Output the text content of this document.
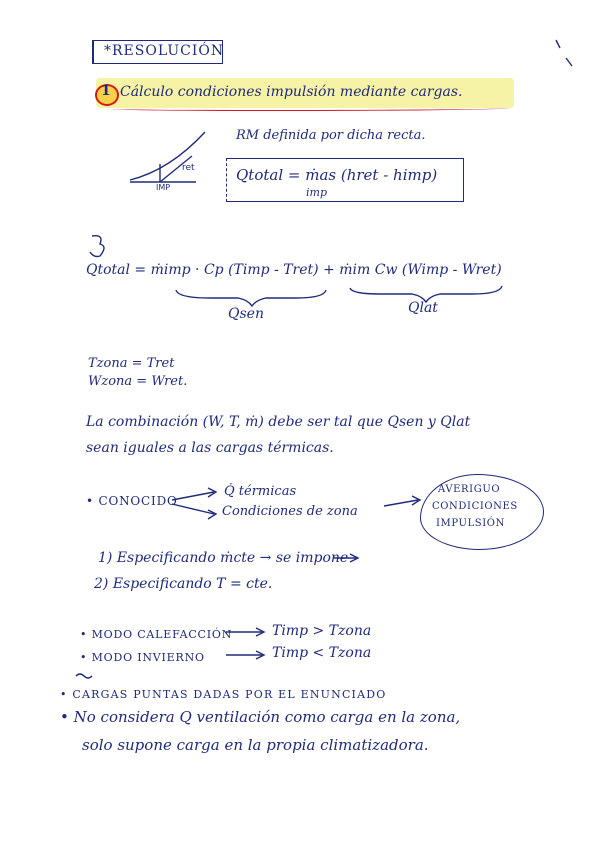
*RESOLUCIÓN
1 Cálculo condiciones impulsión mediante cargas.
ret
IMP
RM definida por dicha recta.
Qtotal = ṁas (hret - himp)
imp
Qtotal = ṁimp · Cp (Timp - Tret) + ṁim Cw (Wimp - Wret)
Qsen	Qlat
Tzona = Tret
Wzona = Wret.
La combinación (W, T, ṁ) debe ser tal que Qsen y Qlat
sean iguales a las cargas térmicas.
• CONOCIDO
Q̇ térmicas
Condiciones de zona
AVERIGUO
CONDICIONES
IMPULSIÓN
1) Especificando ṁcte → se impone
2) Especificando T = cte.
• MODO CALEFACCIÓN	Timp > Tzona
• MODO INVIERNO	Timp < Tzona
• CARGAS PUNTAS DADAS POR EL ENUNCIADO
• No considera Q ventilación como carga en la zona,
solo supone carga en la propia climatizadora.
